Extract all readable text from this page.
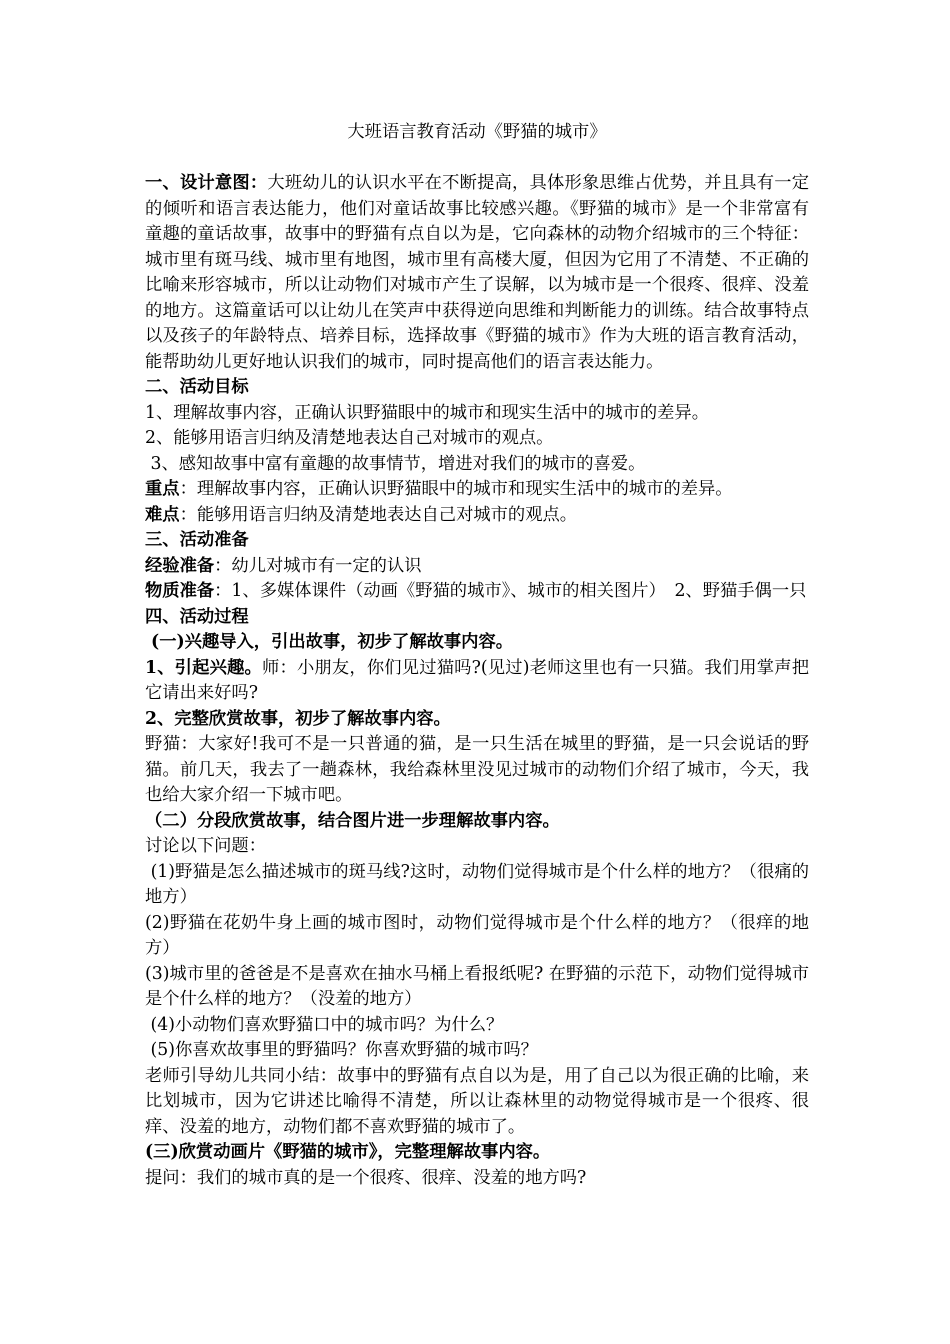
大班语言教育活动《野猫的城市》

一、设计意图：大班幼儿的认识水平在不断提高，具体形象思维占优势，并且具有一定的倾听和语言表达能力，他们对童话故事比较感兴趣。《野猫的城市》是一个非常富有童趣的童话故事，故事中的野猫有点自以为是，它向森林的动物介绍城市的三个特征：城市里有斑马线、城市里有地图，城市里有高楼大厦，但因为它用了不清楚、不正确的比喻来形容城市，所以让动物们对城市产生了误解，以为城市是一个很疼、很痒、没羞的地方。这篇童话可以让幼儿在笑声中获得逆向思维和判断能力的训练。结合故事特点以及孩子的年龄特点、培养目标，选择故事《野猫的城市》作为大班的语言教育活动，能帮助幼儿更好地认识我们的城市，同时提高他们的语言表达能力。

二、活动目标

1、理解故事内容，正确认识野猫眼中的城市和现实生活中的城市的差异。

2、能够用语言归纳及清楚地表达自己对城市的观点。

3、感知故事中富有童趣的故事情节，增进对我们的城市的喜爱。

重点：理解故事内容，正确认识野猫眼中的城市和现实生活中的城市的差异。

难点：能够用语言归纳及清楚地表达自己对城市的观点。

三、活动准备

经验准备：幼儿对城市有一定的认识

物质准备：1、多媒体课件（动画《野猫的城市》、城市的相关图片）　2、野猫手偶一只

四、活动过程

(一)兴趣导入，引出故事，初步了解故事内容。

1、引起兴趣。师：小朋友，你们见过猫吗?(见过)老师这里也有一只猫。我们用掌声把它请出来好吗?

2、完整欣赏故事，初步了解故事内容。

野猫：大家好!我可不是一只普通的猫，是一只生活在城里的野猫，是一只会说话的野猫。前几天，我去了一趟森林，我给森林里没见过城市的动物们介绍了城市，今天，我也给大家介绍一下城市吧。

（二）分段欣赏故事，结合图片进一步理解故事内容。

讨论以下问题：

(1)野猫是怎么描述城市的斑马线?这时，动物们觉得城市是个什么样的地方？（很痛的地方）

(2)野猫在花奶牛身上画的城市图时，动物们觉得城市是个什么样的地方？（很痒的地方）

(3)城市里的爸爸是不是喜欢在抽水马桶上看报纸呢? 在野猫的示范下，动物们觉得城市是个什么样的地方？（没羞的地方）

(4)小动物们喜欢野猫口中的城市吗？为什么？

(5)你喜欢故事里的野猫吗？你喜欢野猫的城市吗？

老师引导幼儿共同小结：故事中的野猫有点自以为是，用了自己以为很正确的比喻，来比划城市，因为它讲述比喻得不清楚，所以让森林里的动物觉得城市是一个很疼、很痒、没羞的地方，动物们都不喜欢野猫的城市了。

(三)欣赏动画片《野猫的城市》，完整理解故事内容。

提问：我们的城市真的是一个很疼、很痒、没羞的地方吗?
